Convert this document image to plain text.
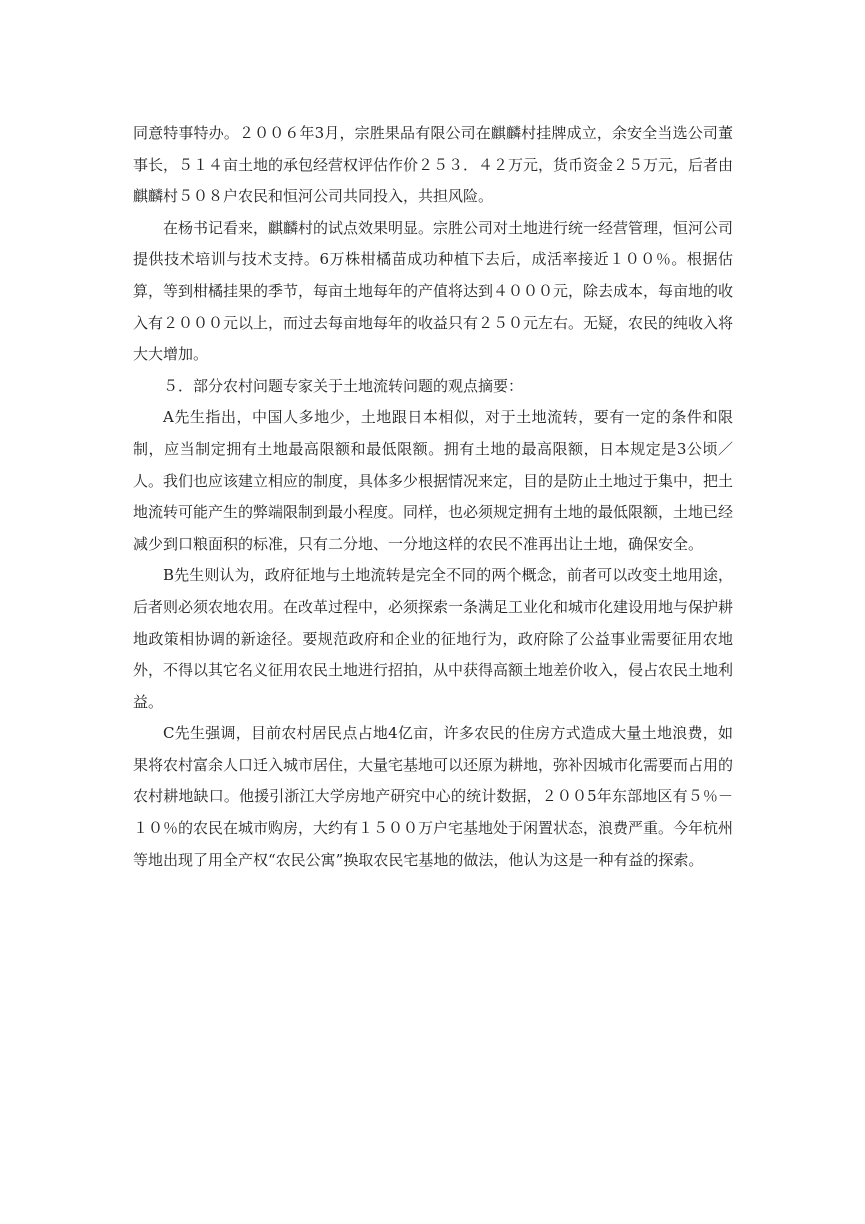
同意特事特办。２００６年3月，宗胜果品有限公司在麒麟村挂牌成立，余安全当选公司董事长，５１４亩土地的承包经营权评估作价２５３．４２万元，货币资金２５万元，后者由麒麟村５０８户农民和恒河公司共同投入，共担风险。

在杨书记看来，麒麟村的试点效果明显。宗胜公司对土地进行统一经营管理，恒河公司提供技术培训与技术支持。6万株柑橘苗成功种植下去后，成活率接近１００％。根据估算，等到柑橘挂果的季节，每亩土地每年的产值将达到４０００元，除去成本，每亩地的收入有２０００元以上，而过去每亩地每年的收益只有２５０元左右。无疑，农民的纯收入将大大增加。

５．部分农村问题专家关于土地流转问题的观点摘要：

A先生指出，中国人多地少，土地跟日本相似，对于土地流转，要有一定的条件和限制，应当制定拥有土地最高限额和最低限额。拥有土地的最高限额，日本规定是3公顷／人。我们也应该建立相应的制度，具体多少根据情况来定，目的是防止土地过于集中，把土地流转可能产生的弊端限制到最小程度。同样，也必须规定拥有土地的最低限额，土地已经减少到口粮面积的标准，只有二分地、一分地这样的农民不准再出让土地，确保安全。

B先生则认为，政府征地与土地流转是完全不同的两个概念，前者可以改变土地用途，后者则必须农地农用。在改革过程中，必须探索一条满足工业化和城市化建设用地与保护耕地政策相协调的新途径。要规范政府和企业的征地行为，政府除了公益事业需要征用农地外，不得以其它名义征用农民土地进行招拍，从中获得高额土地差价收入，侵占农民土地利益。

C先生强调，目前农村居民点占地4亿亩，许多农民的住房方式造成大量土地浪费，如果将农村富余人口迁入城市居住，大量宅基地可以还原为耕地，弥补因城市化需要而占用的农村耕地缺口。他援引浙江大学房地产研究中心的统计数据，２００5年东部地区有５％－１０％的农民在城市购房，大约有１５００万户宅基地处于闲置状态，浪费严重。今年杭州等地出现了用全产权“农民公寓”换取农民宅基地的做法，他认为这是一种有益的探索。
